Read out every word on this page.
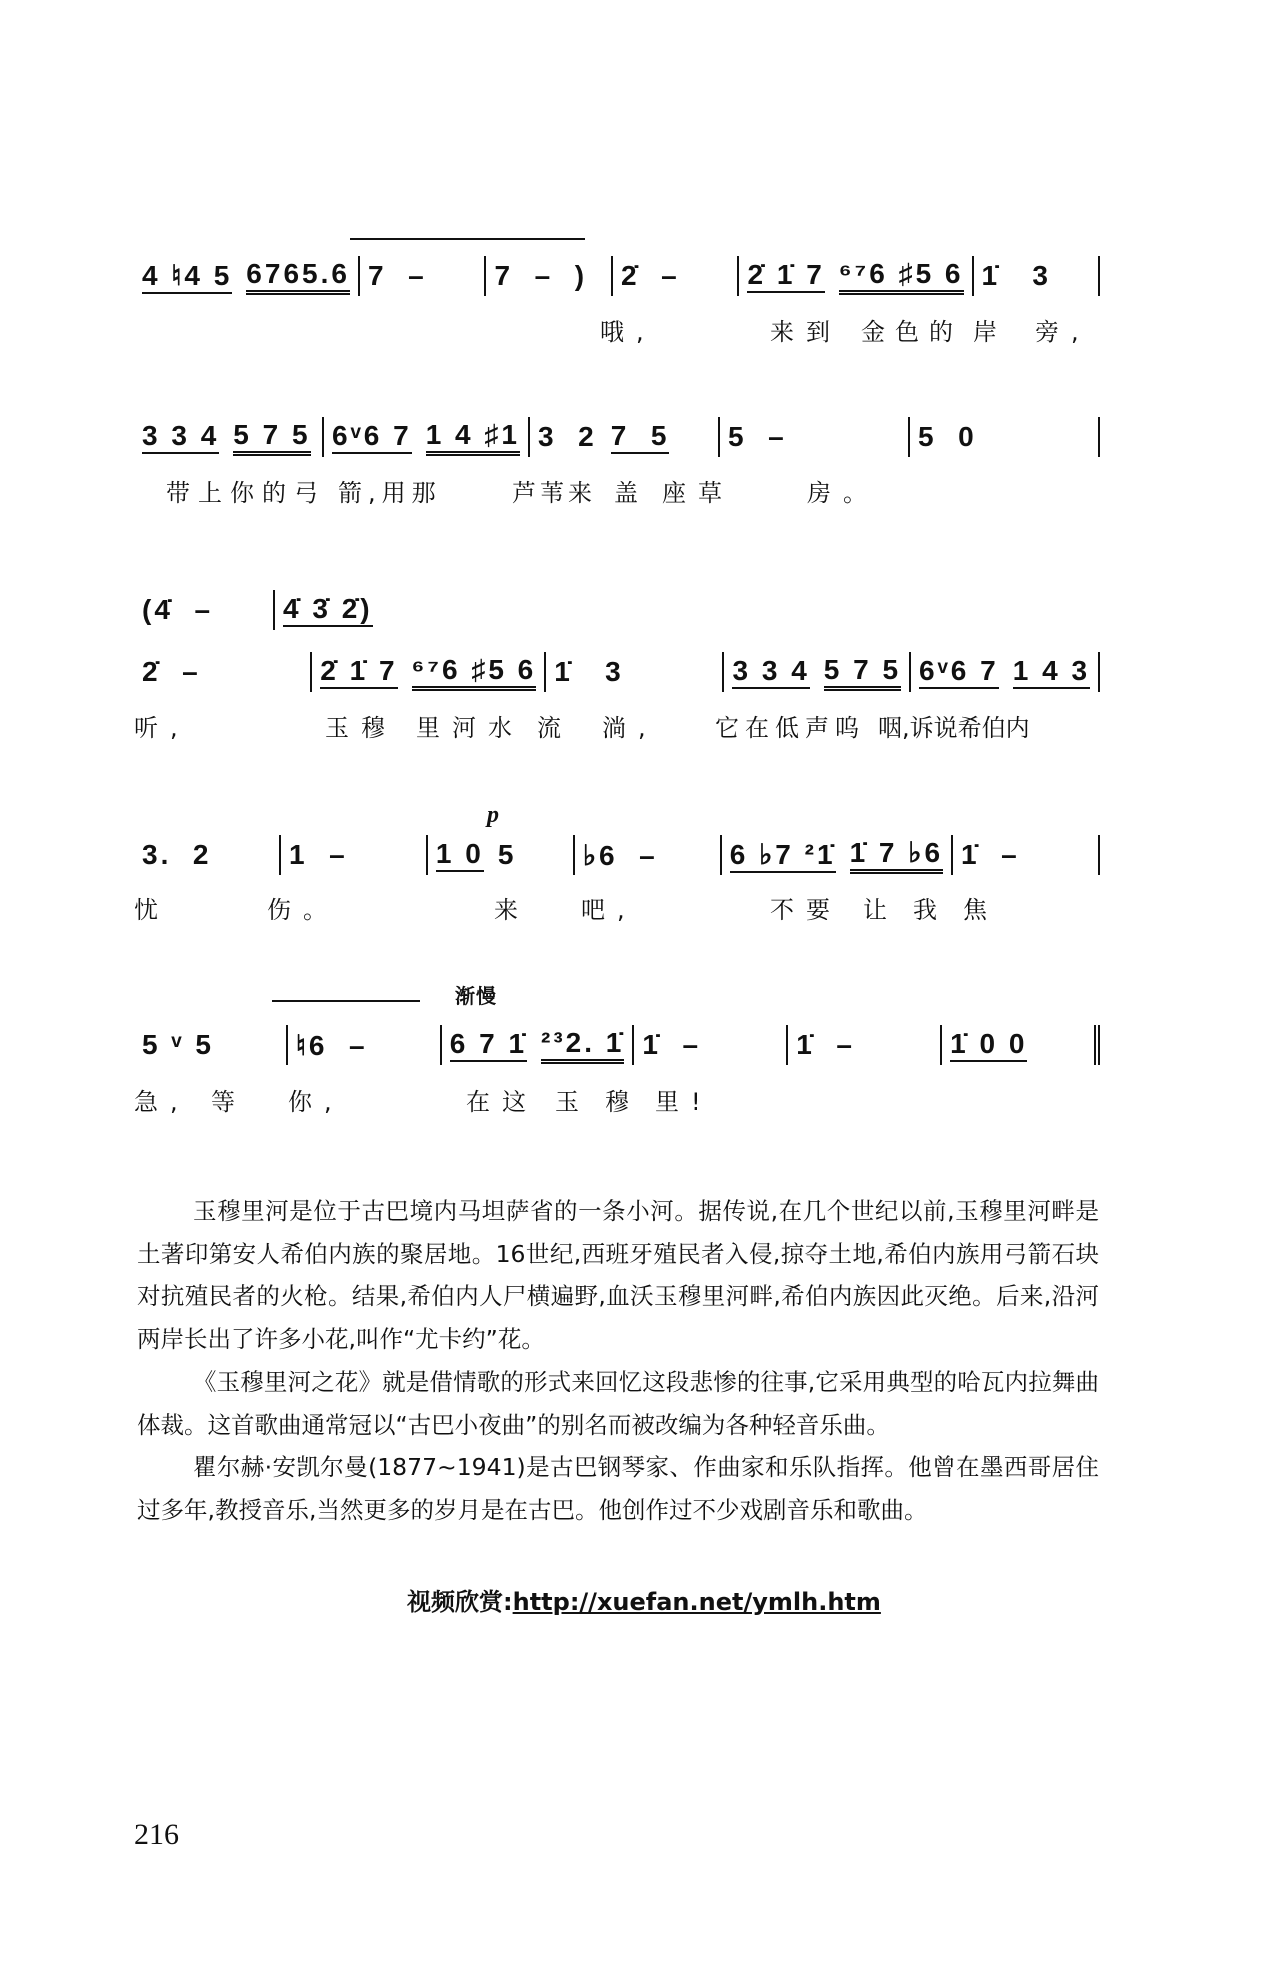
4 ♮4 5 6765.6 7  – 7  –  ) 2̇  – 2̇ 1̇ 7 ⁶⁷6 ♯5 6 1̇   3
哦,	来到 金色的 岸 旁,
3 3 4 5 7 5 6ᵛ6 7 1 4 ♯1 3  2 7  5 5  –	5  0
带上你的弓 箭,用那	芦苇来 盖 座草	房。
(4̇  – 4̇ 3̇ 2̇)
2̇  –	2̇ 1̇ 7 ⁶⁷6 ♯5 6 1̇   3	3 3 4 5 7 5 6ᵛ6 7 1 4 3
听,	玉穆 里河水 流 淌, 它在低声呜 咽,诉说希伯内
p
3.  2	1  –	1 0 5 ♭6  –	6 ♭7 ²1̇ 1̇ 7 ♭6 1̇  –
忧	伤。	来 吧,	不要 让 我 焦
渐慢
5 ᵛ 5	♮6  –	6 7 1̇ ²³2. 1̇ 1̇  –	1̇  –	1̇ 0 0
急, 等 你,	在这 玉 穆 里!

玉穆里河是位于古巴境内马坦萨省的一条小河。据传说,在几个世纪以前,玉穆里河畔是土著印第安人希伯内族的聚居地。16世纪,西班牙殖民者入侵,掠夺土地,希伯内族用弓箭石块对抗殖民者的火枪。结果,希伯内人尸横遍野,血沃玉穆里河畔,希伯内族因此灭绝。后来,沿河两岸长出了许多小花,叫作“尤卡约”花。

《玉穆里河之花》就是借情歌的形式来回忆这段悲惨的往事,它采用典型的哈瓦内拉舞曲体裁。这首歌曲通常冠以“古巴小夜曲”的别名而被改编为各种轻音乐曲。

瞿尔赫·安凯尔曼(1877~1941)是古巴钢琴家、作曲家和乐队指挥。他曾在墨西哥居住过多年,教授音乐,当然更多的岁月是在古巴。他创作过不少戏剧音乐和歌曲。

视频欣赏:http://xuefan.net/ymlh.htm
216
